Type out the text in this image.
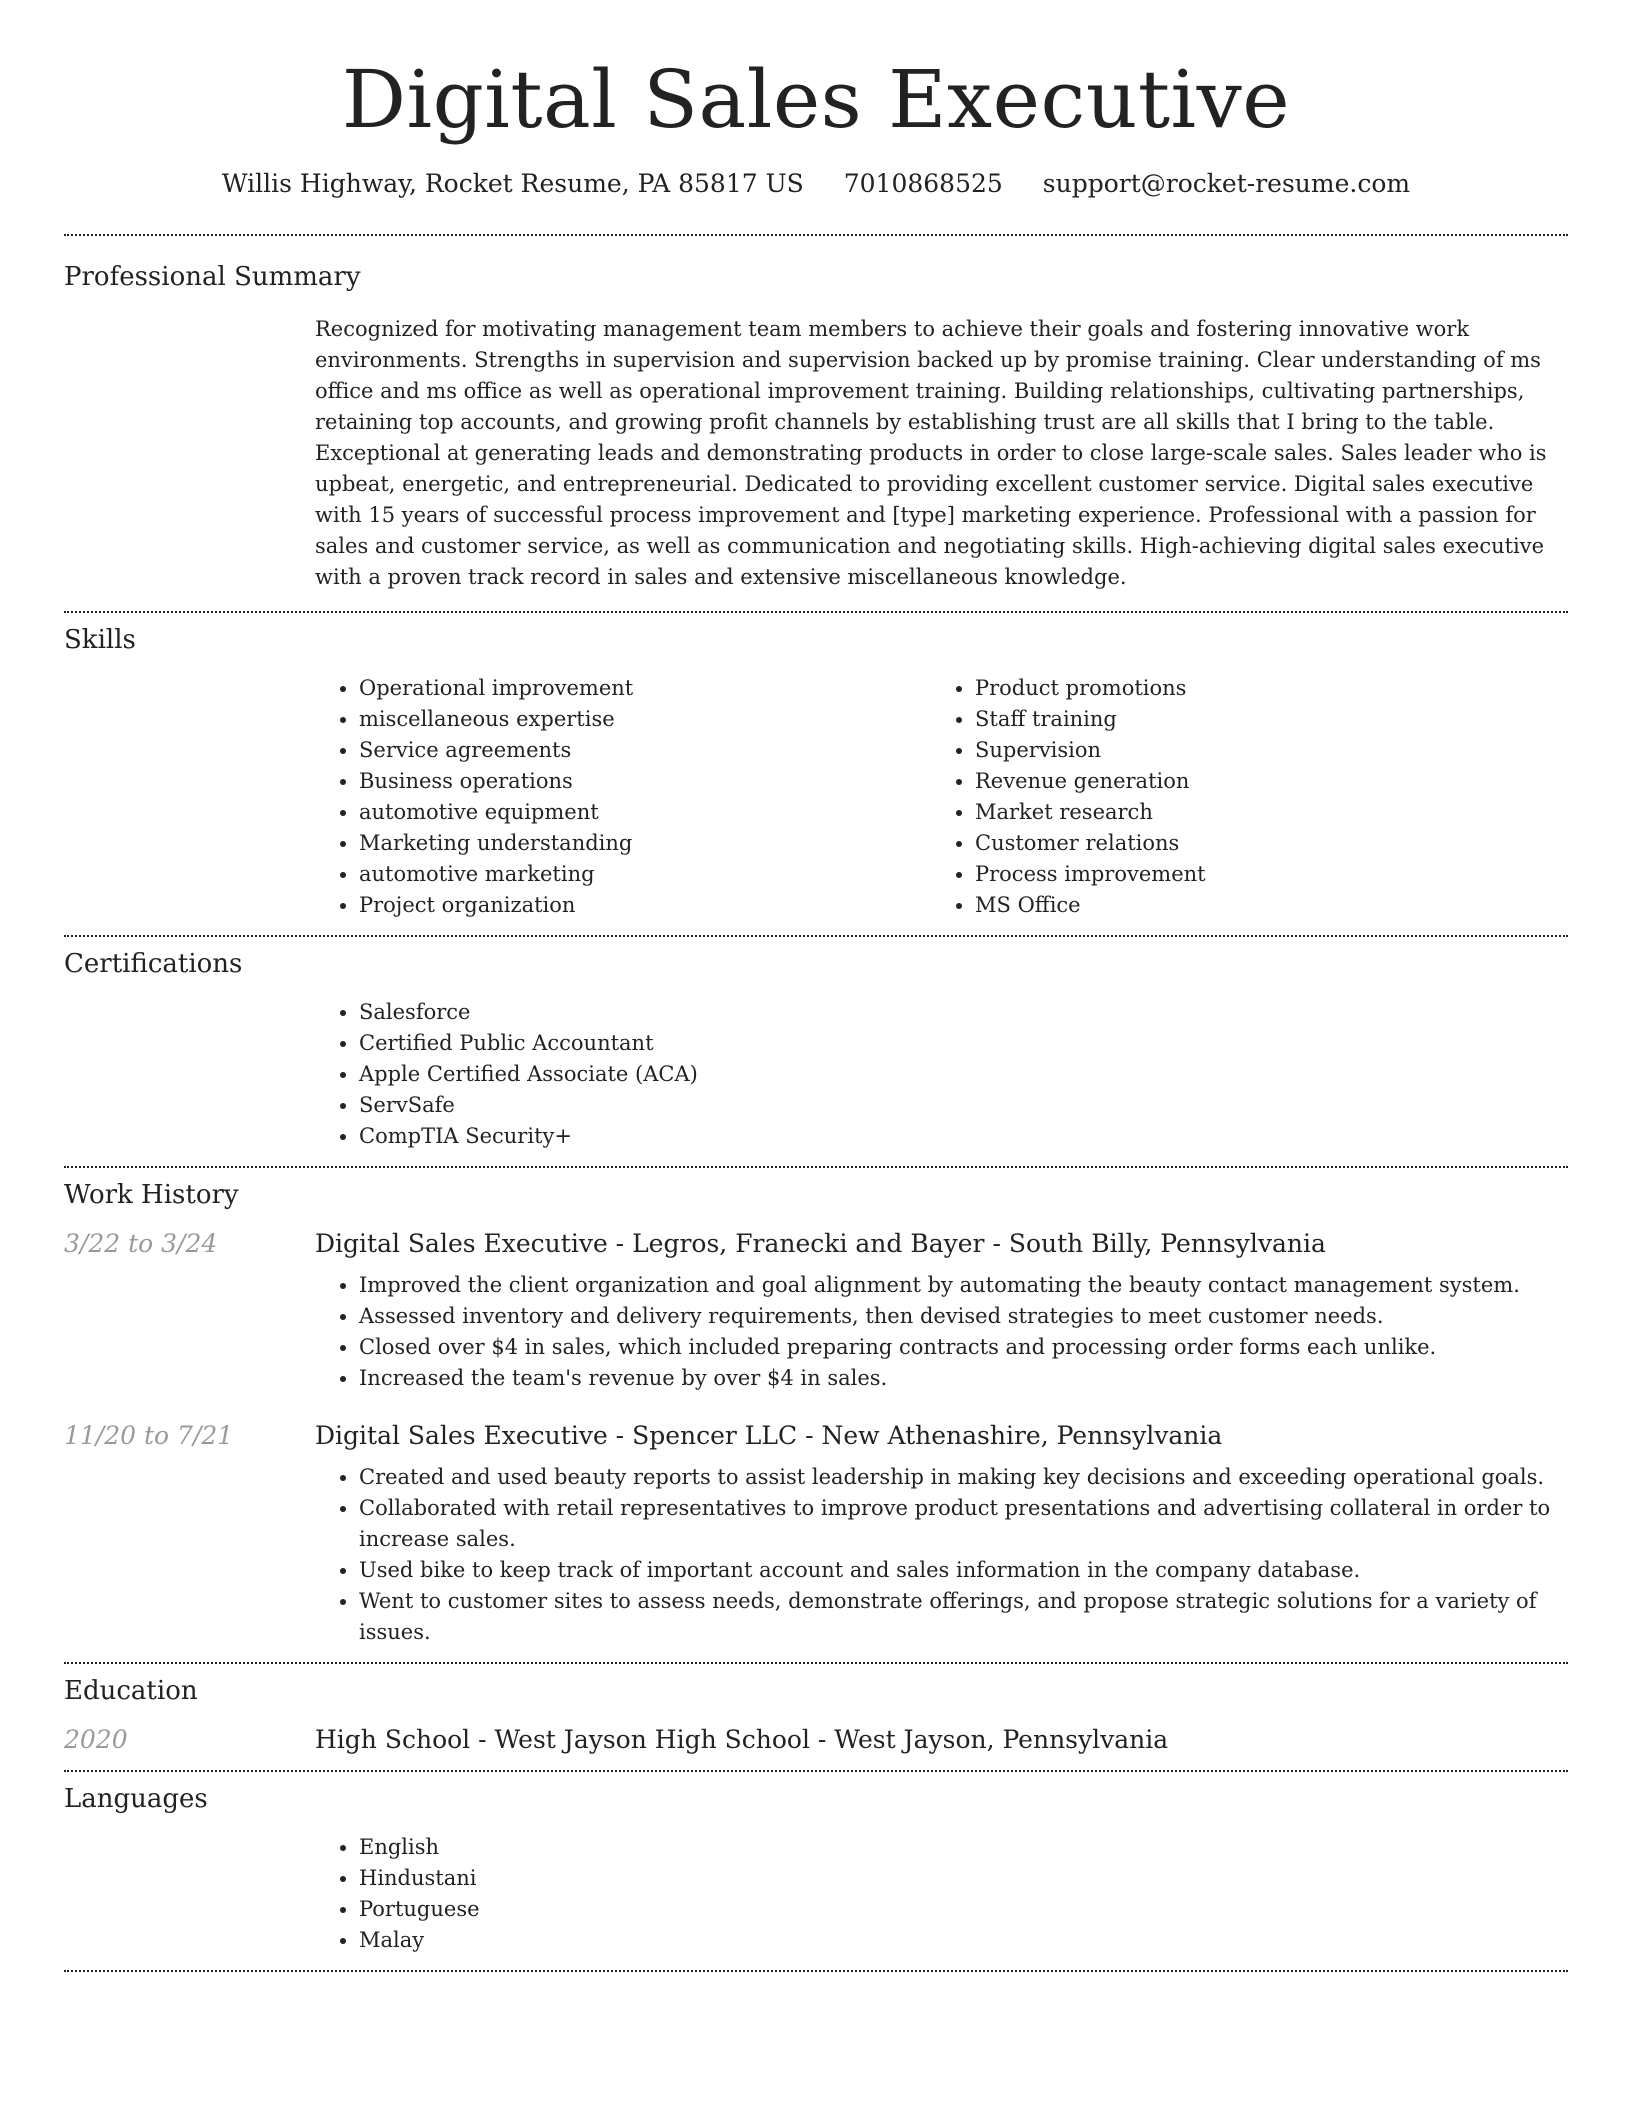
Digital Sales Executive
Willis Highway, Rocket Resume, PA 85817 US 7010868525 support@rocket-resume.com
Professional Summary
Recognized for motivating management team members to achieve their goals and fostering innovative work environments. Strengths in supervision and supervision backed up by promise training. Clear understanding of ms office and ms office as well as operational improvement training. Building relationships, cultivating partnerships, retaining top accounts, and growing profit channels by establishing trust are all skills that I bring to the table. Exceptional at generating leads and demonstrating products in order to close large-scale sales. Sales leader who is upbeat, energetic, and entrepreneurial. Dedicated to providing excellent customer service. Digital sales executive with 15 years of successful process improvement and [type] marketing experience. Professional with a passion for sales and customer service, as well as communication and negotiating skills. High-achieving digital sales executive with a proven track record in sales and extensive miscellaneous knowledge.
Skills
• Operational improvement
• miscellaneous expertise
• Service agreements
• Business operations
• automotive equipment
• Marketing understanding
• automotive marketing
• Project organization
• Product promotions
• Staff training
• Supervision
• Revenue generation
• Market research
• Customer relations
• Process improvement
• MS Office
Certifications
• Salesforce
• Certified Public Accountant
• Apple Certified Associate (ACA)
• ServSafe
• CompTIA Security+
Work History
3/22 to 3/24	Digital Sales Executive - Legros, Franecki and Bayer - South Billy, Pennsylvania
• Improved the client organization and goal alignment by automating the beauty contact management system.
• Assessed inventory and delivery requirements, then devised strategies to meet customer needs.
• Closed over $4 in sales, which included preparing contracts and processing order forms each unlike.
• Increased the team's revenue by over $4 in sales.
11/20 to 7/21	Digital Sales Executive - Spencer LLC - New Athenashire, Pennsylvania
• Created and used beauty reports to assist leadership in making key decisions and exceeding operational goals.
• Collaborated with retail representatives to improve product presentations and advertising collateral in order to increase sales.
• Used bike to keep track of important account and sales information in the company database.
• Went to customer sites to assess needs, demonstrate offerings, and propose strategic solutions for a variety of issues.
Education
2020	High School - West Jayson High School - West Jayson, Pennsylvania
Languages
• English
• Hindustani
• Portuguese
• Malay
